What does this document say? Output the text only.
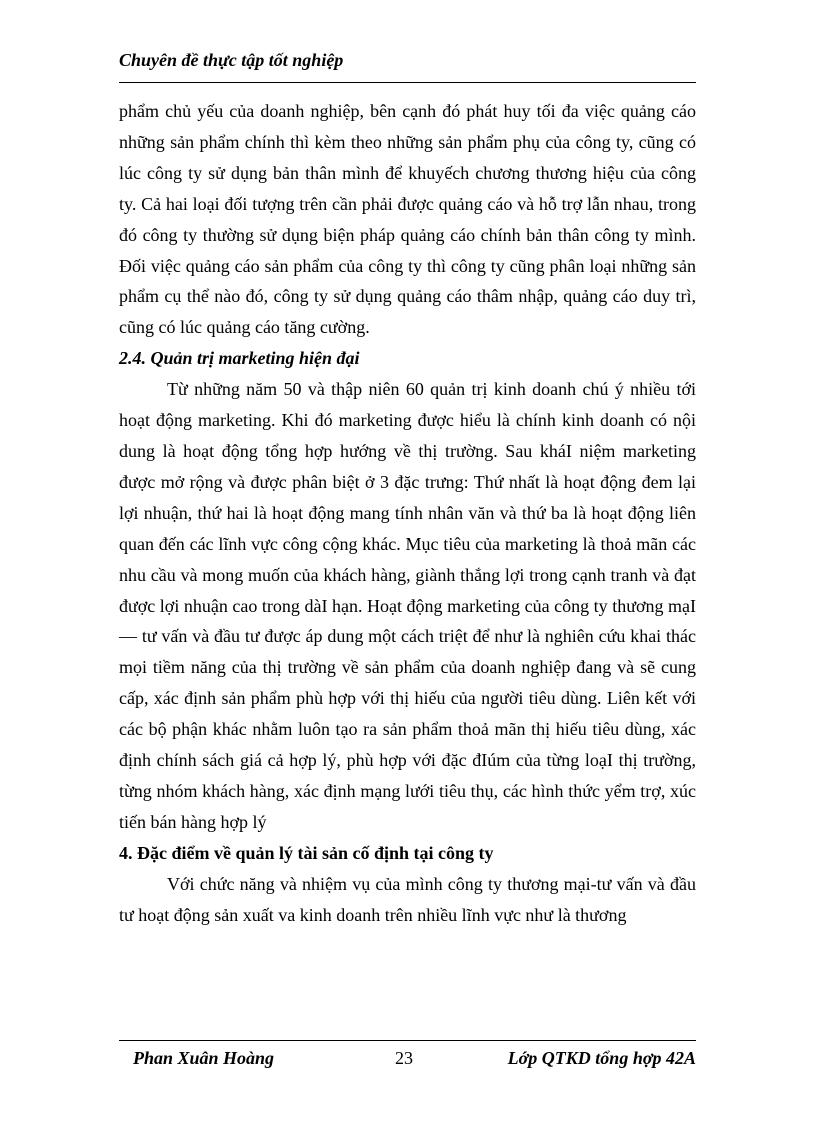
Chuyên đề thực tập tốt nghiệp

phẩm chủ yếu của doanh nghiệp, bên cạnh đó phát huy tối đa việc quảng cáo những sản phẩm chính thì kèm theo những sản phẩm phụ của công ty, cũng có lúc công ty sử dụng bản thân mình để khuyếch chương thương hiệu của công ty. Cả hai loại đối tượng trên cần phải được quảng cáo và hỗ trợ lẫn nhau, trong đó công ty thường sử dụng biện pháp quảng cáo chính bản thân công ty mình. Đối việc quảng cáo sản phẩm của công ty thì công ty cũng phân loại những sản phẩm cụ thể nào đó, công ty sử dụng quảng cáo thâm nhập, quảng cáo duy trì, cũng có lúc quảng cáo tăng cường.

2.4. Quản trị marketing hiện đại

Từ những năm 50 và thập niên 60 quản trị kinh doanh chú ý nhiều tới hoạt động marketing. Khi đó marketing được hiểu là chính kinh doanh có nội dung là hoạt động tổng hợp hướng về thị trường. Sau kháI niệm marketing được mở rộng và được phân biệt ở 3 đặc trưng: Thứ nhất là hoạt động đem lại lợi nhuận, thứ hai là hoạt động mang tính nhân văn và thứ ba là hoạt động liên quan đến các lĩnh vực công cộng khác. Mục tiêu của marketing là thoả mãn các nhu cầu và mong muốn của khách hàng, giành thắng lợi trong cạnh tranh và đạt được lợi nhuận cao trong dàI hạn. Hoạt động marketing của công ty thương mạI — tư vấn và đầu tư được áp dung một cách triệt để như là nghiên cứu khai thác mọi tiềm năng của thị trường về sản phẩm của doanh nghiệp đang và sẽ cung cấp, xác định sản phẩm phù hợp với thị hiếu của người tiêu dùng. Liên kết với các bộ phận khác nhằm luôn tạo ra sản phẩm thoả mãn thị hiếu tiêu dùng, xác định chính sách giá cả hợp lý, phù hợp với đặc đIúm của từng loạI thị trường, từng nhóm khách hàng, xác định mạng lưới tiêu thụ, các hình thức yểm trợ, xúc tiến bán hàng hợp lý

4. Đặc điểm về quản lý tài sản cố định tại công ty

Với chức năng và nhiệm vụ của mình công ty thương mại-tư vấn và đầu tư hoạt động sản xuất va kinh doanh trên nhiều lĩnh vực như là thương

Phan Xuân Hoàng	23	Lớp QTKD tổng hợp 42A
